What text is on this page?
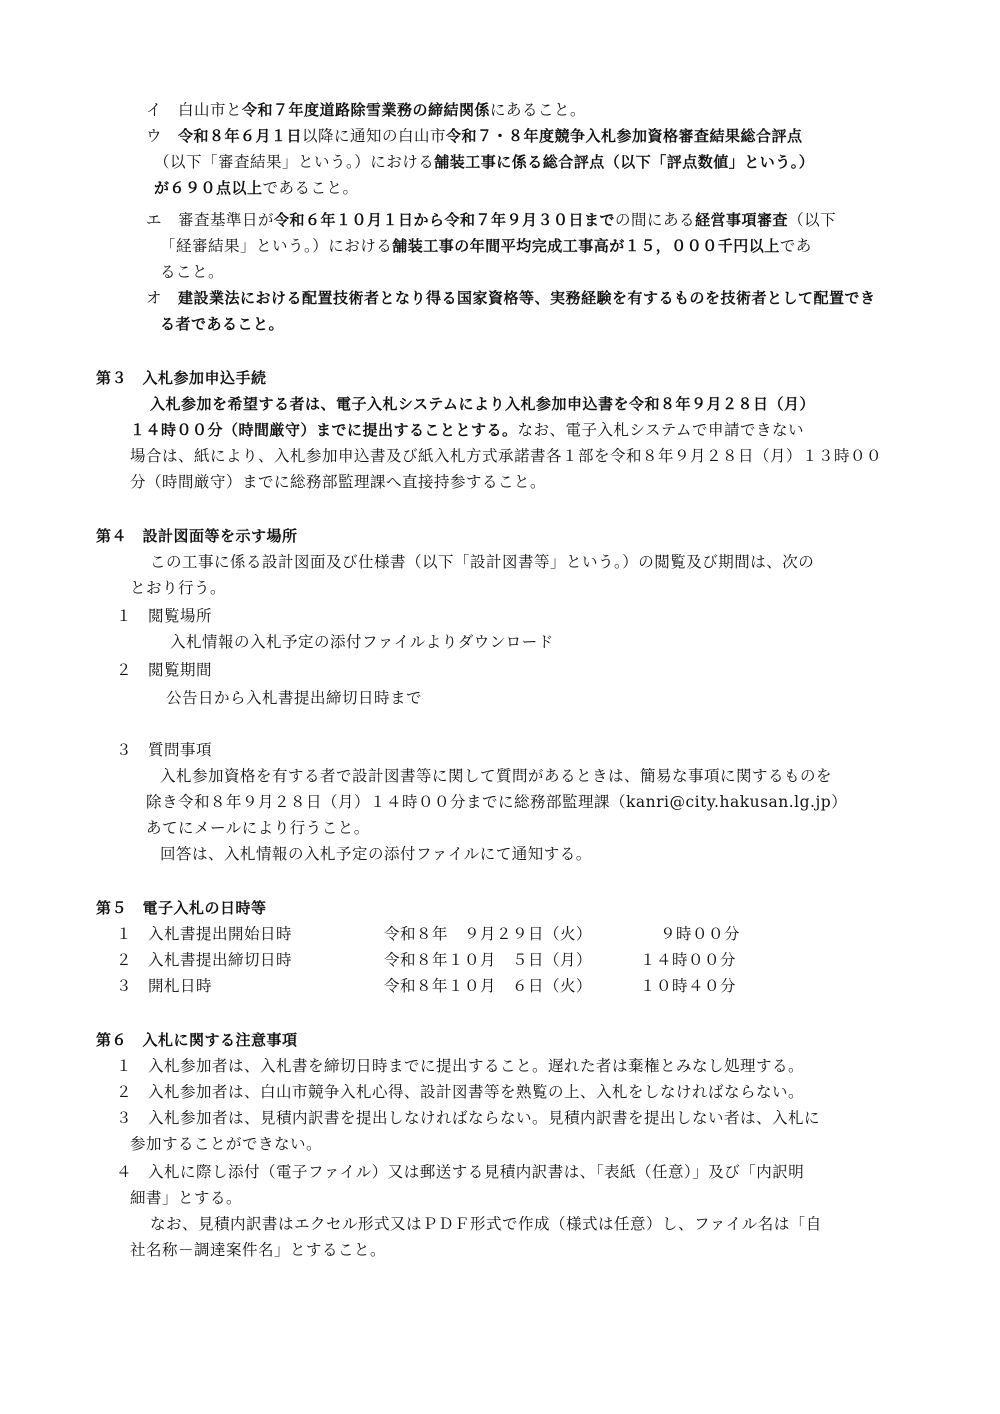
イ　白山市と令和７年度道路除雪業務の締結関係にあること。
ウ　令和８年６月１日以降に通知の白山市令和７・８年度競争入札参加資格審査結果総合評点
（以下「審査結果」という。）における舗装工事に係る総合評点（以下「評点数値」という。）
が６９０点以上であること。
エ　審査基準日が令和６年１０月１日から令和７年９月３０日までの間にある経営事項審査（以下
「経審結果」という。）における舗装工事の年間平均完成工事高が１５，０００千円以上であ
ること。
オ　建設業法における配置技術者となり得る国家資格等、実務経験を有するものを技術者として配置でき
る者であること。
第３　入札参加申込手続
入札参加を希望する者は、電子入札システムにより入札参加申込書を令和８年９月２８日（月）
１４時００分（時間厳守）までに提出することとする。なお、電子入札システムで申請できない
場合は、紙により、入札参加申込書及び紙入札方式承諾書各１部を令和８年９月２８日（月）１３時００
分（時間厳守）までに総務部監理課へ直接持参すること。
第４　設計図面等を示す場所
この工事に係る設計図面及び仕様書（以下「設計図書等」という。）の閲覧及び期間は、次の
とおり行う。
１　閲覧場所
入札情報の入札予定の添付ファイルよりダウンロード
２　閲覧期間
公告日から入札書提出締切日時まで
３　質問事項
入札参加資格を有する者で設計図書等に関して質問があるときは、簡易な事項に関するものを
除き令和８年９月２８日（月）１４時００分までに総務部監理課（kanri@city.hakusan.lg.jp）
あてにメールにより行うこと。
回答は、入札情報の入札予定の添付ファイルにて通知する。
第５　電子入札の日時等
１　入札書提出開始日時	令和８年　９月２９日（火）	９時００分
２　入札書提出締切日時	令和８年１０月　５日（月）	１４時００分
３　開札日時	令和８年１０月　６日（火）	１０時４０分
第６　入札に関する注意事項
１　入札参加者は、入札書を締切日時までに提出すること。遅れた者は棄権とみなし処理する。
２　入札参加者は、白山市競争入札心得、設計図書等を熟覧の上、入札をしなければならない。
３　入札参加者は、見積内訳書を提出しなければならない。見積内訳書を提出しない者は、入札に
参加することができない。
４　入札に際し添付（電子ファイル）又は郵送する見積内訳書は、「表紙（任意）」及び「内訳明
細書」とする。
なお、見積内訳書はエクセル形式又はＰＤＦ形式で作成（様式は任意）し、ファイル名は「自
社名称－調達案件名」とすること。
